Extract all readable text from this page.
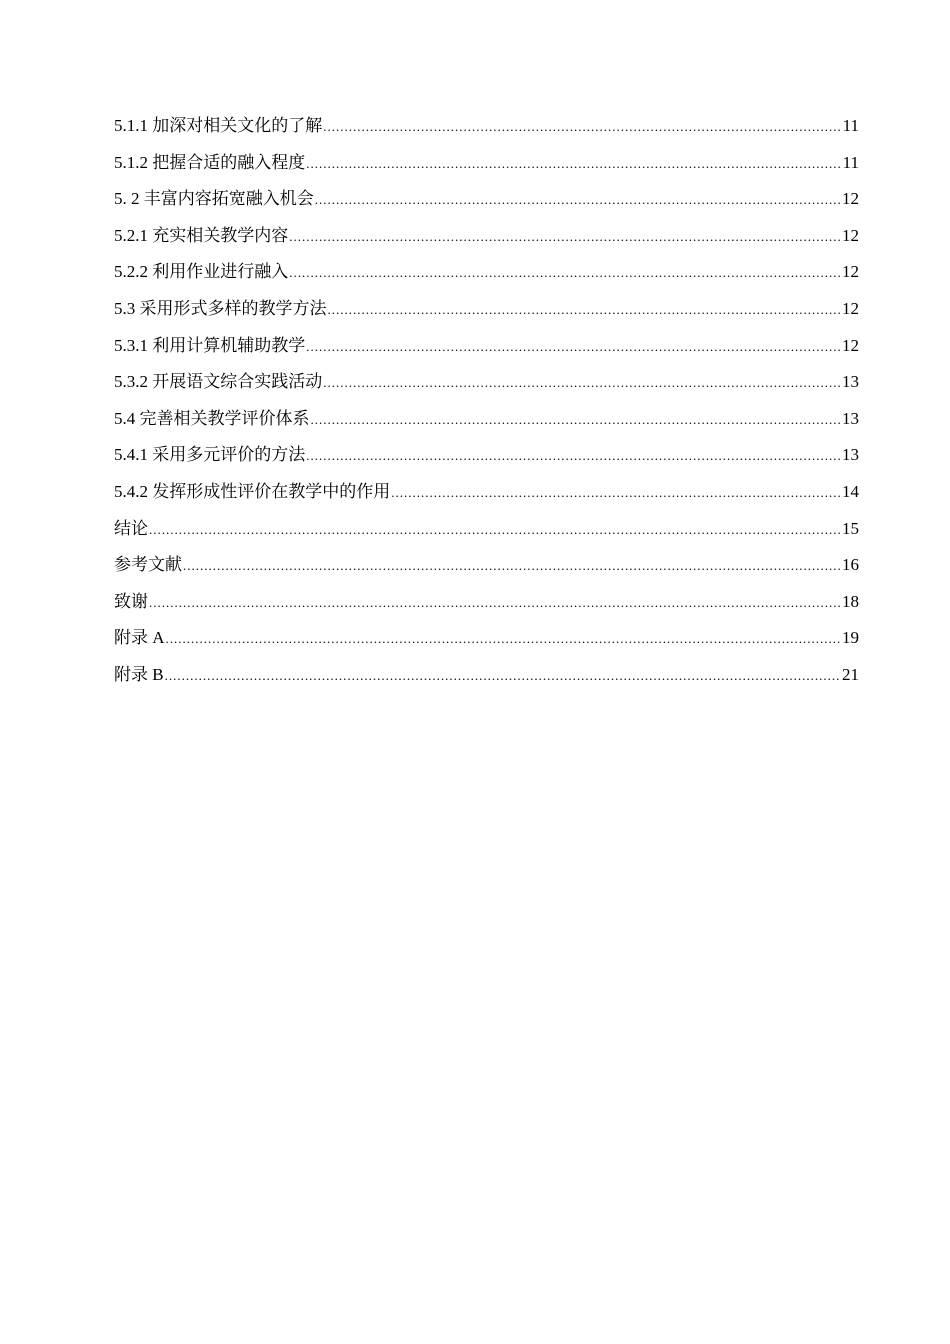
5.1.1 加深对相关文化的了解 .....	11
5.1.2 把握合适的融入程度 .....	11
5. 2 丰富内容拓宽融入机会 .....	12
5.2.1 充实相关教学内容 .....	12
5.2.2 利用作业进行融入 .....	12
5.3 采用形式多样的教学方法 .....	12
5.3.1 利用计算机辅助教学 .....	12
5.3.2 开展语文综合实践活动 .....	13
5.4 完善相关教学评价体系 .....	13
5.4.1 采用多元评价的方法 .....	13
5.4.2 发挥形成性评价在教学中的作用 .....	14
结论 .....	15
参考文献 .....	16
致谢 .....	18
附录 A .....	19
附录 B .....	21
